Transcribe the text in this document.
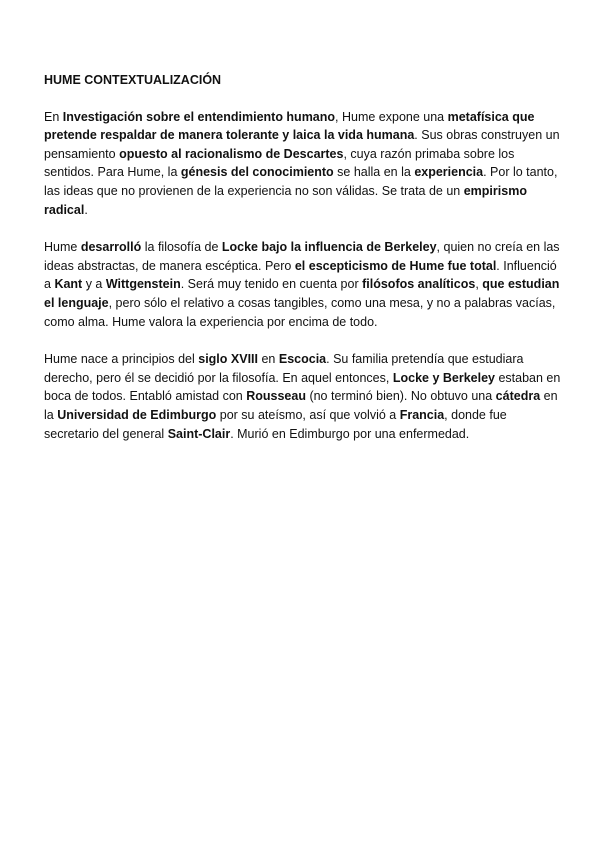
HUME CONTEXTUALIZACIÓN

En Investigación sobre el entendimiento humano, Hume expone una metafísica que pretende respaldar de manera tolerante y laica la vida humana. Sus obras construyen un pensamiento opuesto al racionalismo de Descartes, cuya razón primaba sobre los sentidos. Para Hume, la génesis del conocimiento se halla en la experiencia. Por lo tanto, las ideas que no provienen de la experiencia no son válidas. Se trata de un empirismo radical.

Hume desarrolló la filosofía de Locke bajo la influencia de Berkeley, quien no creía en las ideas abstractas, de manera escéptica. Pero el escepticismo de Hume fue total. Influenció a Kant y a Wittgenstein. Será muy tenido en cuenta por filósofos analíticos, que estudian el lenguaje, pero sólo el relativo a cosas tangibles, como una mesa, y no a palabras vacías, como alma. Hume valora la experiencia por encima de todo.

Hume nace a principios del siglo XVIII en Escocia. Su familia pretendía que estudiara derecho, pero él se decidió por la filosofía. En aquel entonces, Locke y Berkeley estaban en boca de todos. Entabló amistad con Rousseau (no terminó bien). No obtuvo una cátedra en la Universidad de Edimburgo por su ateísmo, así que volvió a Francia, donde fue secretario del general Saint-Clair. Murió en Edimburgo por una enfermedad.
